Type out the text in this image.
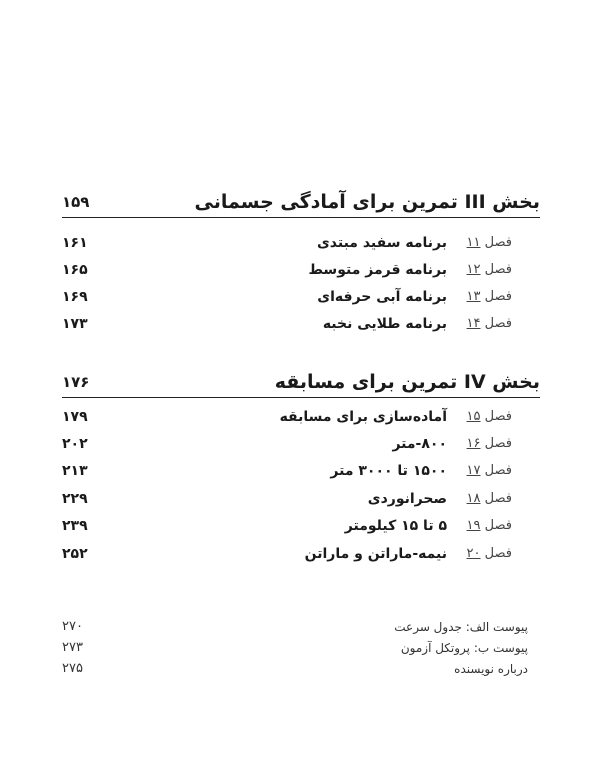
بخش III تمرین برای آمادگی جسمانی
۱۵۹
فصل ۱۱
برنامه سفید مبتدی
۱۶۱
فصل ۱۲
برنامه قرمز متوسط
۱۶۵
فصل ۱۳
برنامه آبی حرفه‌ای
۱۶۹
فصل ۱۴
برنامه طلایی نخبه
۱۷۳
بخش IV تمرین برای مسابقه
۱۷۶
فصل ۱۵
آماده‌سازی برای مسابقه
۱۷۹
فصل ۱۶
۸۰۰-متر
۲۰۲
فصل ۱۷
۱۵۰۰ تا ۳۰۰۰ متر
۲۱۳
فصل ۱۸
صحرانوردی
۲۲۹
فصل ۱۹
۵ تا ۱۵ کیلومتر
۲۳۹
فصل ۲۰
نیمه-ماراتن و ماراتن
۲۵۲
پیوست الف: جدول سرعت
۲۷۰
پیوست ب: پروتکل آزمون
۲۷۳
درباره نویسنده
۲۷۵
